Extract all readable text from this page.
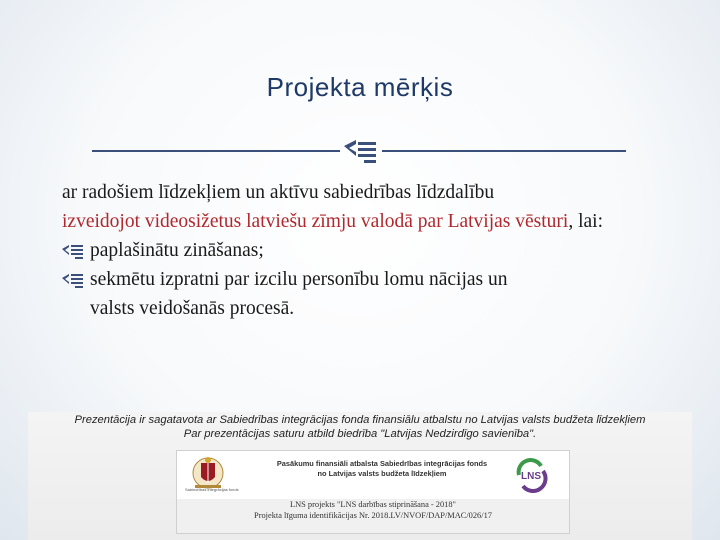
Projekta mērķis
ar radošiem līdzekļiem un aktīvu sabiedrības līdzdalību
izveidojot videosižetus latviešu zīmju valodā par Latvijas vēsturi, lai:
paplašinātu zināšanas;
sekmētu izpratni par izcilu personību lomu nācijas un
valsts veidošanās procesā.
Prezentācija ir sagatavota ar Sabiedrības integrācijas fonda finansiālu atbalstu no Latvijas valsts budžeta līdzekļiem
Par prezentācijas saturu atbild biedrība "Latvijas Nedzirdīgo savienība".
Sabiedrības integrācijas fonds
Pasākumu finansiāli atbalsta Sabiedrības integrācijas fonds
no Latvijas valsts budžeta līdzekļiem	LNS
LNS projekts "LNS darbības stiprināšana - 2018"
Projekta līguma identifikācijas Nr. 2018.LV/NVOF/DAP/MAC/026/17
